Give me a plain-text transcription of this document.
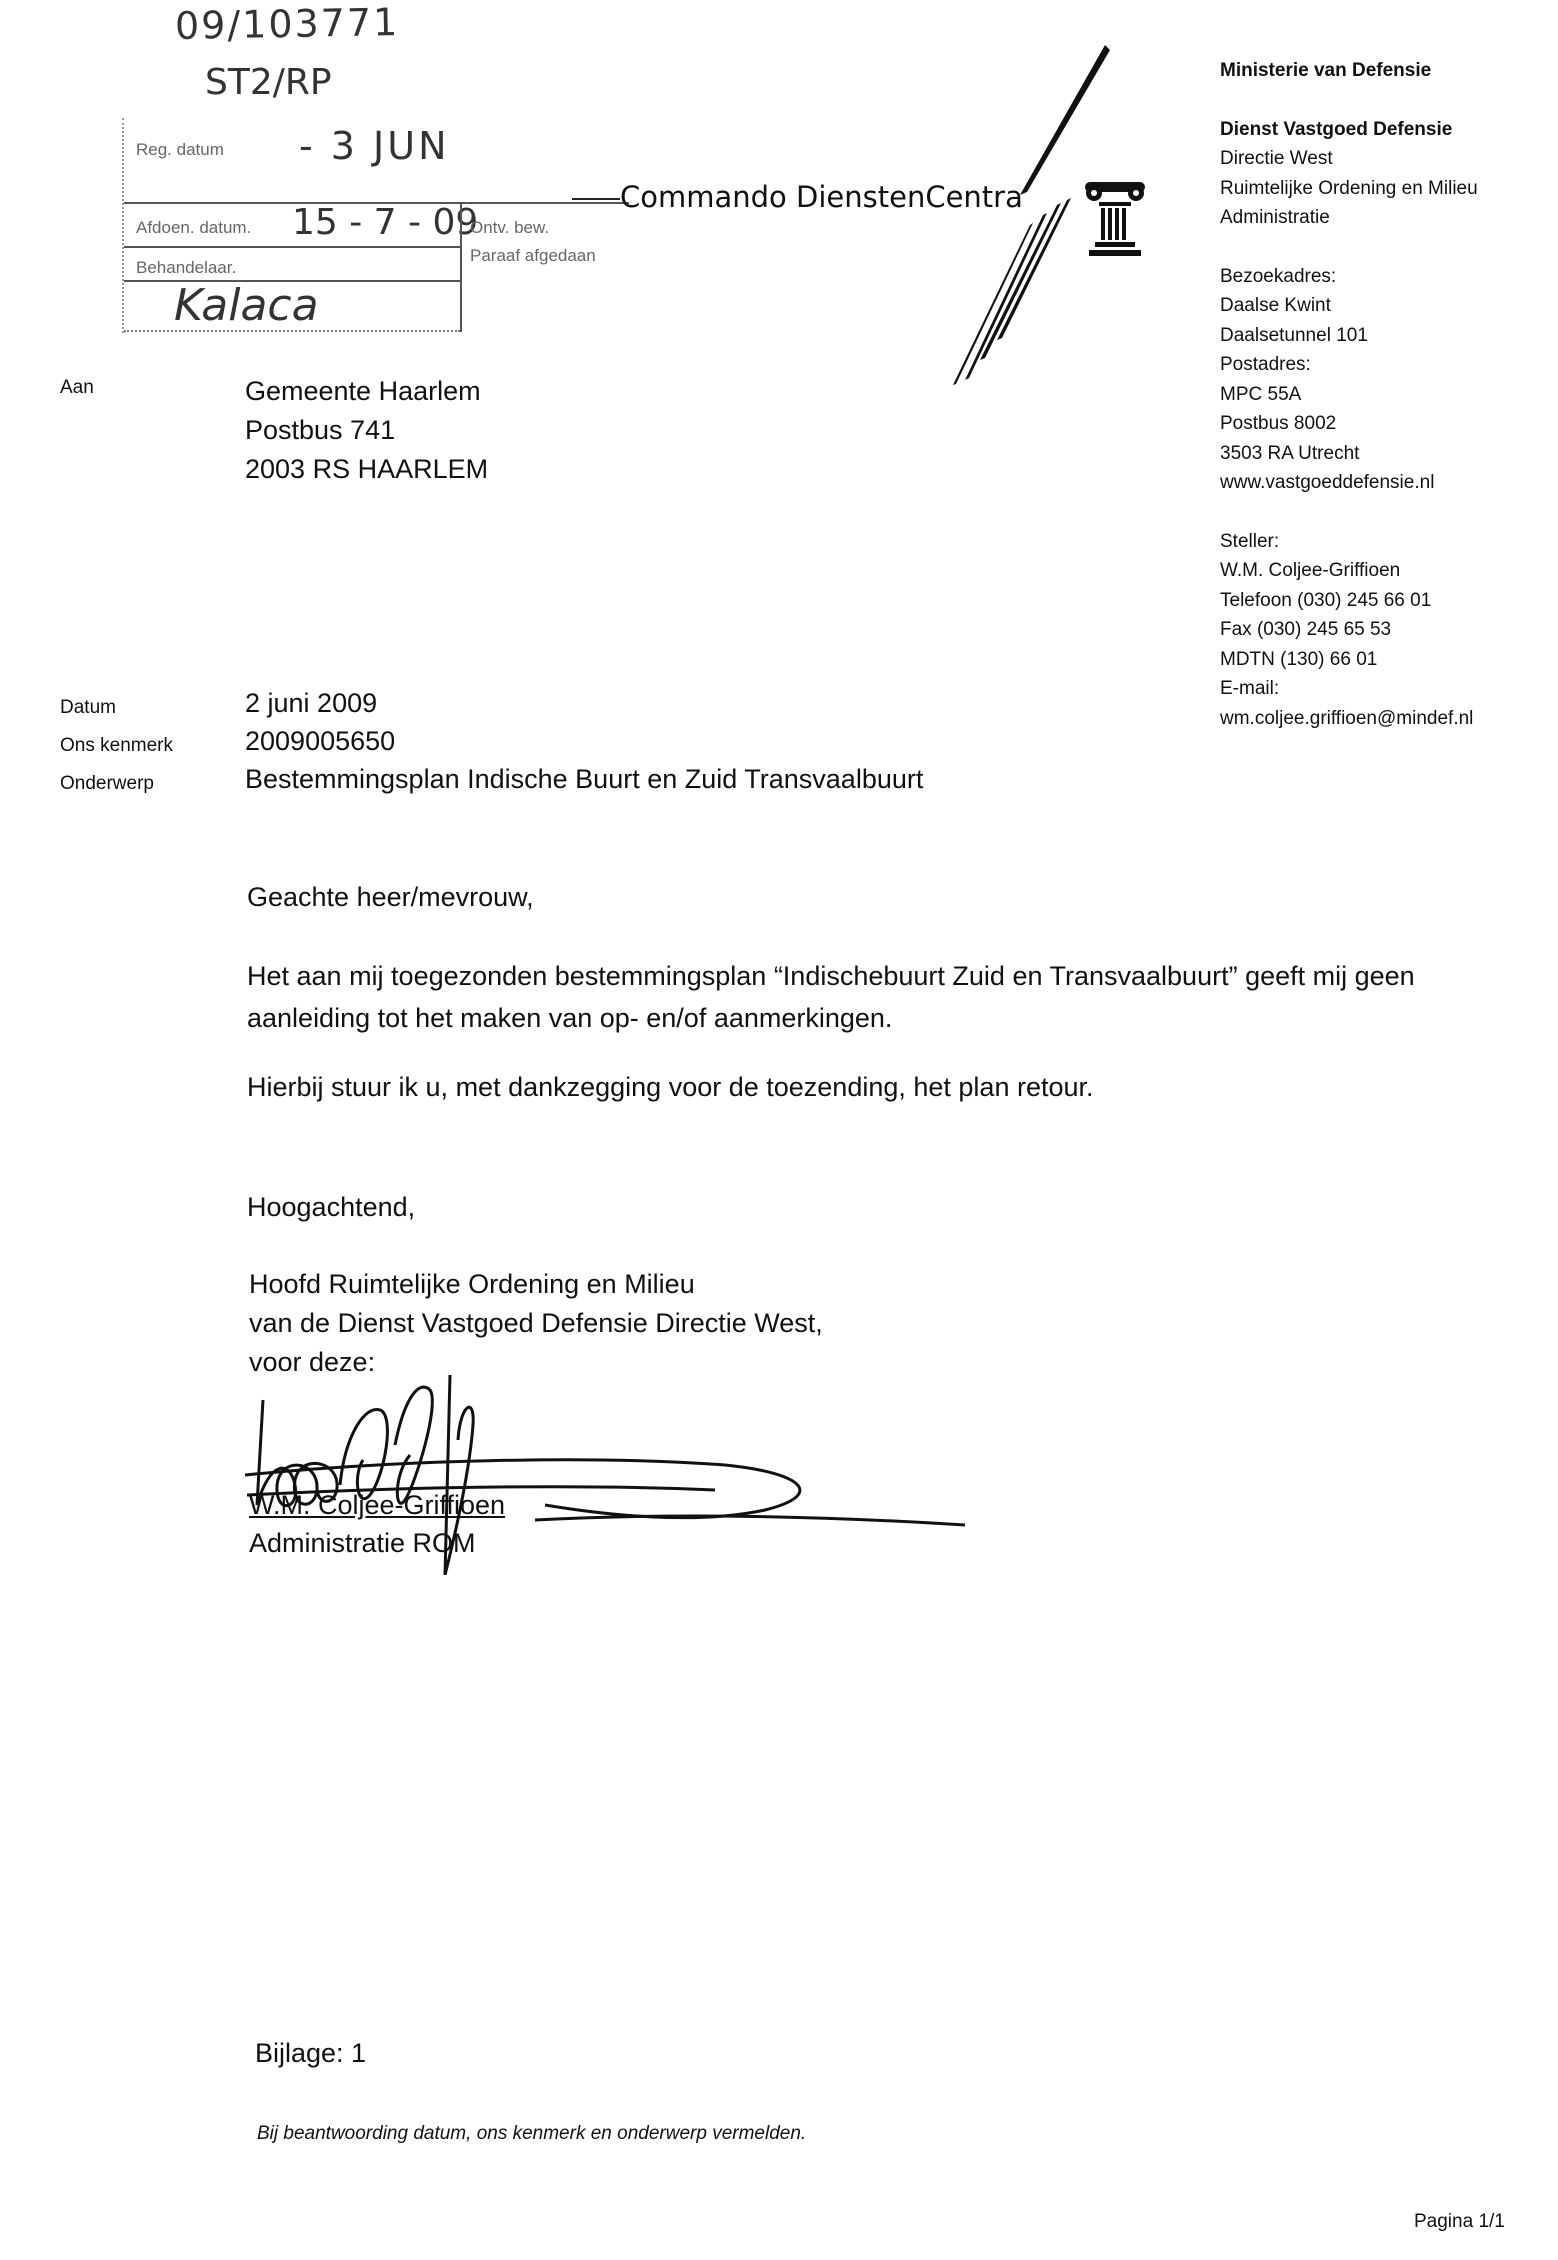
09/103771
ST2/RP
Reg. datum - 3 JUN
Afdoen. datum. 15 - 7 - 09
Ontv. bew.
Behandelaar.
Paraaf afgedaan
Kalaca
Commando DienstenCentra
Ministerie van Defensie
Dienst Vastgoed Defensie
Directie West
Ruimtelijke Ordening en Milieu
Administratie
Bezoekadres:
Daalse Kwint
Daalsetunnel 101
Postadres:
MPC 55A
Postbus 8002
3503 RA Utrecht
www.vastgoeddefensie.nl
Steller:
W.M. Coljee-Griffioen
Telefoon (030) 245 66 01
Fax (030) 245 65 53
MDTN (130) 66 01
E-mail:
wm.coljee.griffioen@mindef.nl
Aan	Gemeente Haarlem
Postbus 741
2003 RS HAARLEM
Datum	2 juni 2009
Ons kenmerk	2009005650
Onderwerp	Bestemmingsplan Indische Buurt en Zuid Transvaalbuurt
Geachte heer/mevrouw,
Het aan mij toegezonden bestemmingsplan “Indischebuurt Zuid en Transvaalbuurt” geeft mij geen
aanleiding tot het maken van op- en/of aanmerkingen.
Hierbij stuur ik u, met dankzegging voor de toezending, het plan retour.
Hoogachtend,
Hoofd Ruimtelijke Ordening en Milieu
van de Dienst Vastgoed Defensie Directie West,
voor deze:
W.M. Coljee-Griffioen
Administratie ROM
Bijlage: 1
Bij beantwoording datum, ons kenmerk en onderwerp vermelden.
Pagina 1/1
